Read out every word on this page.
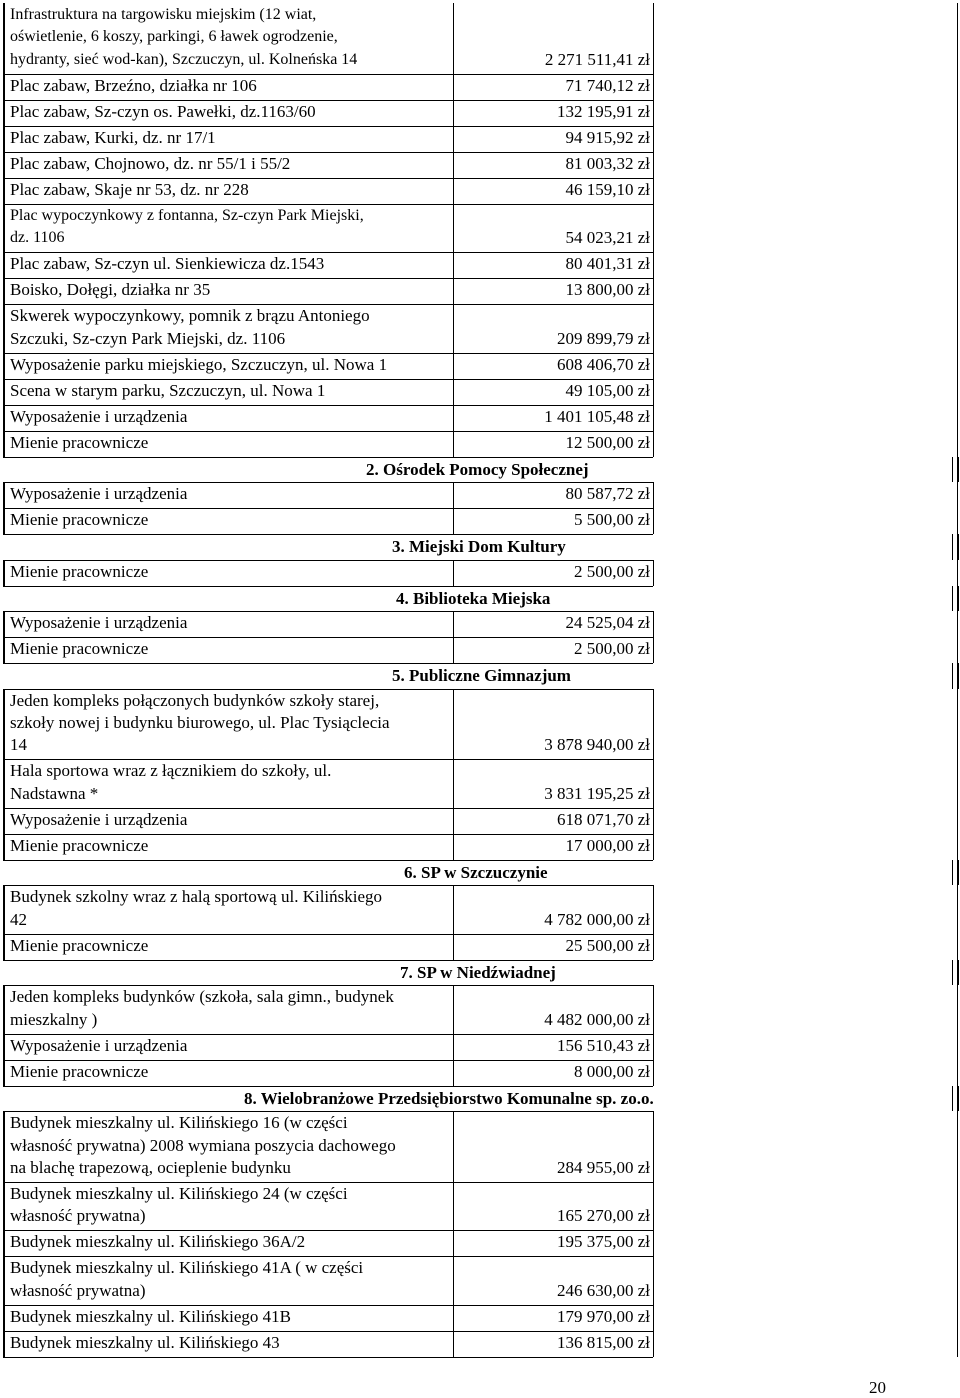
Infrastruktura na targowisku miejskim (12 wiat,
oświetlenie, 6 koszy, parkingi, 6 ławek ogrodzenie,
hydranty, sieć wod-kan), Szczuczyn, ul. Kolneńska 14	2 271 511,41 zł
Plac zabaw, Brzeźno, działka nr 106	71 740,12 zł
Plac zabaw, Sz-czyn os. Pawełki, dz.1163/60	132 195,91 zł
Plac zabaw, Kurki, dz. nr 17/1	94 915,92 zł
Plac zabaw, Chojnowo, dz. nr 55/1 i 55/2	81 003,32 zł
Plac zabaw, Skaje nr 53, dz. nr 228	46 159,10 zł
Plac wypoczynkowy z fontanna, Sz-czyn Park Miejski,
dz. 1106	54 023,21 zł
Plac zabaw, Sz-czyn ul. Sienkiewicza dz.1543	80 401,31 zł
Boisko, Dołęgi, działka nr 35	13 800,00 zł
Skwerek wypoczynkowy, pomnik z brązu Antoniego
Szczuki, Sz-czyn Park Miejski, dz. 1106	209 899,79 zł
Wyposażenie parku miejskiego, Szczuczyn, ul. Nowa 1	608 406,70 zł
Scena w starym parku, Szczuczyn, ul. Nowa 1	49 105,00 zł
Wyposażenie i urządzenia	1 401 105,48 zł
Mienie pracownicze	12 500,00 zł
2. Ośrodek Pomocy Społecznej
Wyposażenie i urządzenia	80 587,72 zł
Mienie pracownicze	5 500,00 zł
3. Miejski Dom Kultury
Mienie pracownicze	2 500,00 zł
4. Biblioteka Miejska
Wyposażenie i urządzenia	24 525,04 zł
Mienie pracownicze	2 500,00 zł
5. Publiczne Gimnazjum
Jeden kompleks połączonych budynków szkoły starej,
szkoły nowej i budynku biurowego, ul. Plac Tysiąclecia
14	3 878 940,00 zł
Hala sportowa wraz z łącznikiem do szkoły, ul.
Nadstawna *	3 831 195,25 zł
Wyposażenie i urządzenia	618 071,70 zł
Mienie pracownicze	17 000,00 zł
6. SP w Szczuczynie
Budynek szkolny wraz z halą sportową ul. Kilińskiego
42	4 782 000,00 zł
Mienie pracownicze	25 500,00 zł
7. SP w Niedźwiadnej
Jeden kompleks budynków (szkoła, sala gimn., budynek
mieszkalny )	4 482 000,00 zł
Wyposażenie i urządzenia	156 510,43 zł
Mienie pracownicze	8 000,00 zł
8. Wielobranżowe Przedsiębiorstwo Komunalne sp. zo.o.
Budynek mieszkalny ul. Kilińskiego 16 (w części
własność prywatna) 2008 wymiana poszycia dachowego
na blachę trapezową, ocieplenie budynku	284 955,00 zł
Budynek mieszkalny ul. Kilińskiego 24 (w części
własność prywatna)	165 270,00 zł
Budynek mieszkalny ul. Kilińskiego 36A/2	195 375,00 zł
Budynek mieszkalny ul. Kilińskiego 41A ( w części
własność prywatna)	246 630,00 zł
Budynek mieszkalny ul. Kilińskiego 41B	179 970,00 zł
Budynek mieszkalny ul. Kilińskiego 43	136 815,00 zł
20
